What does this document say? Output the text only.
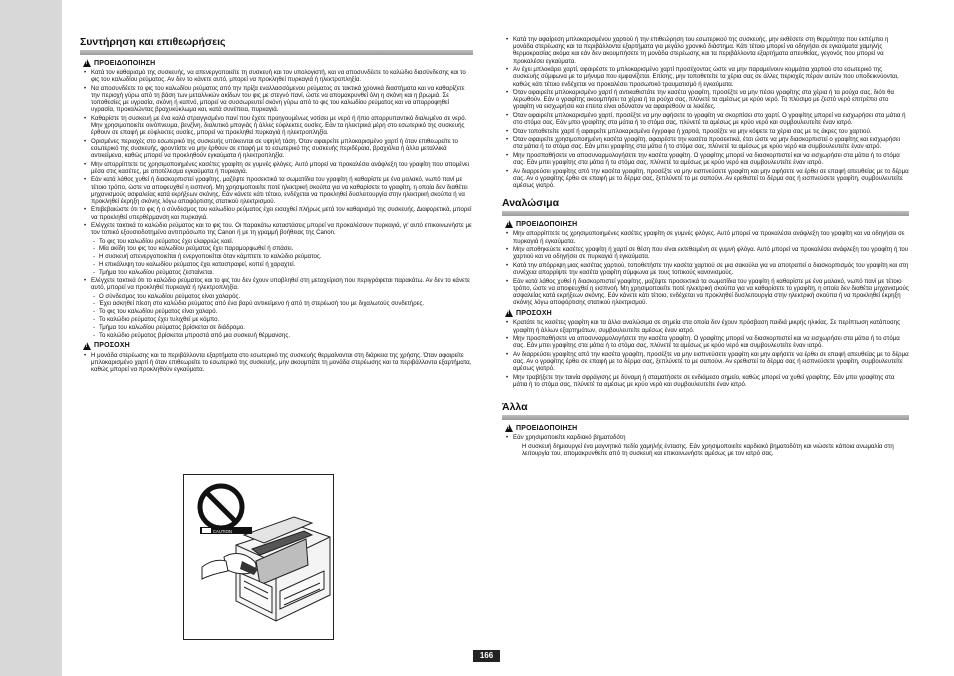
Συντήρηση και επιθεωρήσεις
!
ΠΡΟΕΙΔΟΠΟΙΗΣΗ
• Κατά τον καθαρισμό της συσκευής, να απενεργοποιείτε τη συσκευή και τον υπολογιστή, και να αποσυνδέετε το καλώδιο διασύνδεσης και το φις του καλωδίου ρεύματος. Αν δεν το κάνετε αυτό, μπορεί να προκληθεί πυρκαγιά ή ηλεκτροπληξία.
• Να αποσυνδέετε το φις του καλωδίου ρεύματος από την πρίζα εναλλασσόμενου ρεύματος σε τακτικά χρονικά διαστήματα και να καθαρίζετε την περιοχή γύρω από τη βάση των μεταλλικών ακίδων του φις με στεγνό πανί, ώστε να απομακρυνθεί όλη η σκόνη και η βρωμιά. Σε τοποθεσίες με υγρασία, σκόνη ή καπνό, μπορεί να συσσωρευτεί σκόνη γύρω από το φις του καλωδίου ρεύματος και να απορροφηθεί υγρασία, προκαλώντας βραχυκύκλωμα και, κατά συνέπεια, πυρκαγιά.
• Καθαρίστε τη συσκευή με ένα καλά στραγγισμένο πανί που έχετε προηγουμένως νοτίσει με νερό ή ήπιο απορρυπαντικό διαλυμένο σε νερό. Μην χρησιμοποιείτε οινόπνευμα, βενζίνη, διαλυτικό μπογιάς ή άλλες εύφλεκτες ουσίες. Εάν τα ηλεκτρικά μέρη στο εσωτερικό της συσκευής έρθουν σε επαφή με εύφλεκτες ουσίες, μπορεί να προκληθεί πυρκαγιά ή ηλεκτροπληξία.
• Ορισμένες περιοχές στο εσωτερικό της συσκευής υπόκεινται σε υψηλή τάση. Όταν αφαιρείτε μπλοκαρισμένο χαρτί ή όταν επιθεωρείτε το εσωτερικό της συσκευής, φροντίστε να μην έρθουν σε επαφή με το εσωτερικό της συσκευής περιδέραια, βραχιόλια ή άλλα μεταλλικά αντικείμενα, καθώς μπορεί να προκληθούν εγκαύματα ή ηλεκτροπληξία.
• Μην απορρίπτετε τις χρησιμοποιημένες κασέτες γραφίτη σε γυμνές φλόγες. Αυτό μπορεί να προκαλέσει ανάφλεξη του γραφίτη που απομένει μέσα στις κασέτες, με αποτέλεσμα εγκαύματα ή πυρκαγιά.
• Εάν κατά λάθος χυθεί ή διασκορπιστεί γραφίτης, μαζέψτε προσεκτικά τα σωματίδια του γραφίτη ή καθαρίστε με ένα μαλακό, νωπό πανί με τέτοιο τρόπο, ώστε να αποφευχθεί η εισπνοή. Μη χρησιμοποιείτε ποτέ ηλεκτρική σκούπα για να καθαρίσετε το γραφίτη, η οποία δεν διαθέτει μηχανισμούς ασφαλείας κατά εκρήξεων σκόνης. Εάν κάνετε κάτι τέτοιο, ενδέχεται να προκληθεί δυσλειτουργία στην ηλεκτρική σκούπα ή να προκληθεί έκρηξη σκόνης λόγω αποφόρτισης στατικού ηλεκτρισμού.
• Επιβεβαιώστε ότι το φις ή ο σύνδεσμος του καλωδίου ρεύματος έχει εισαχθεί πλήρως μετά τον καθαρισμό της συσκευής. Διαφορετικά, μπορεί να προκληθεί υπερθέρμανση και πυρκαγιά.
• Ελέγχετε τακτικά το καλώδιο ρεύματος και το φις του. Οι παρακάτω καταστάσεις μπορεί να προκαλέσουν πυρκαγιά, γι' αυτό επικοινωνήστε με τον τοπικό εξουσιοδοτημένο αντιπρόσωπο της Canon ή με τη γραμμή βοήθειας της Canon.
- Το φις του καλωδίου ρεύματος έχει ελαφριώς καεί.
- Μία ακίδη του φις του καλωδίου ρεύματος έχει παραμορφωθεί ή σπάσει.
- Η συσκευή απενεργοποιείται ή ενεργοποιείται όταν κάμπτετε το καλώδιο ρεύματος.
- Η επικάλυψη του καλωδίου ρεύματος έχει καταστραφεί, κοπεί ή χαραχτεί.
- Τμήμα του καλωδίου ρεύματος ζεσταίνεται.
• Ελέγχετε τακτικά ότι το καλώδιο ρεύματος και το φις του δεν έχουν υποβληθεί στη μεταχείριση που περιγράφεται παρακάτω. Αν δεν το κάνετε αυτό, μπορεί να προκληθεί πυρκαγιά ή ηλεκτροπληξία.
- Ο σύνδεσμος του καλωδίου ρεύματος είναι χαλαρός.
- Έχει ασκηθεί πίεση στο καλώδιο ρεύματος από ένα βαρύ αντικείμενο ή από τη στερέωσή του με διχαλωτούς συνδετήρες.
- Το φις του καλωδίου ρεύματος είναι χαλαρό.
- Το καλώδιο ρεύματος έχει τυλιχθεί με κόμπο.
- Τμήμα του καλωδίου ρεύματος βρίσκεται σε διάδρομο.
- Το καλώδιο ρεύματος βρίσκεται μπροστά από μια συσκευή θέρμανσης.
!
ΠΡΟΣΟΧΗ
• Η μονάδα στερέωσης και τα περιβάλλοντα εξαρτήματα στο εσωτερικό της συσκευής θερμαίνονται στη διάρκεια της χρήσης. Όταν αφαιρείτε μπλοκαρισμένο χαρτί ή όταν επιθεωρείτε το εσωτερικό της συσκευής, μην ακουμπάτε τη μονάδα στερέωσης και τα περιβάλλοντα εξαρτήματα, καθώς μπορεί να προκληθούν εγκαύματα.
CAUTION
• Κατά την αφαίρεση μπλοκαρισμένου χαρτιού ή την επιθεώρηση του εσωτερικού της συσκευής, μην εκθέσετε στη θερμότητα που εκπέμπει η μονάδα στερέωσης και τα περιβάλλοντα εξαρτήματα για μεγάλο χρονικό διάστημα. Κάτι τέτοιο μπορεί να οδηγήσει σε εγκαύματα χαμηλής θερμοκρασίας ακόμα και εάν δεν ακουμπήσετε τη μονάδα στερέωσης και τα περιβάλλοντα εξαρτήματα απευθείας, γεγονός που μπορεί να προκαλέσει εγκαύματα.
• Αν έχει μπλοκάρει χαρτί, αφαιρέστε το μπλοκαρισμένο χαρτί προσέχοντας ώστε να μην παραμείνουν κομμάτια χαρτιού στο εσωτερικό της συσκευής σύμφωνα με το μήνυμα που εμφανίζεται. Επίσης, μην τοποθετείτε τα χέρια σας σε άλλες περιοχές πέραν αυτών που υποδεικνύονται, καθώς κάτι τέτοιο ενδέχεται να προκαλέσει προσωπικό τραυματισμό ή εγκαύματα.
• Όταν αφαιρείτε μπλοκαρισμένο χαρτί ή αντικαθιστάτε την κασέτα γραφίτη, προσέξτε να μην πέσει γραφίτης στα χέρια ή τα ρούχα σας, διότι θα λερωθούν. Εάν ο γραφίτης ακουμπήσει τα χέρια ή τα ρούχα σας, πλύνετέ τα αμέσως με κρύο νερό. Το πλύσιμο με ζεστό νερό επιτρέπει στο γραφίτη να εισχωρήσει και επειτα είναι αδύνατον να αφαιρεθούν οι λεκέδες.
• Όταν αφαιρείτε μπλοκαρισμένο χαρτί, προσέξτε να μην αφήσετε το γραφίτη να σκορπίσει στο χαρτί. Ο γραφίτης μπορεί να εισχωρήσει στα μάτια ή στο στόμα σας. Εάν μπει γραφίτης στα μάτια ή το στόμα σας, πλύνετέ τα αμέσως με κρύο νερό και συμβουλευτείτε έναν ιατρό.
• Όταν τοποθετείτε χαρτί ή αφαιρείτε μπλοκαρισμένα έγγραφα ή χαρτιά, προσέξτε να μην κόψετε τα χέρια σας με τις άκρες του χαρτιού.
• Όταν αφαιρείτε χρησιμοποιημένη κασέτα γραφίτη, αφαιρέστε την κασέτα προσεκτικά, έτσι ώστε να μην διασκορπιστεί ο γραφίτης και εισχωρήσει στα μάτια ή το στόμα σας. Εάν μπει γραφίτης στα μάτια ή το στόμα σας, πλύνετέ τα αμέσως με κρύο νερό και συμβουλευτείτε έναν ιατρό.
• Μην προσπαθήσετε να αποσυναρμολογήσετε την κασέτα γραφίτη. Ο γραφίτης μπορεί να διασκορπιστεί και να εισχωρήσει στα μάτια ή το στόμα σας. Εάν μπει γραφίτης στα μάτια ή το στόμα σας, πλύνετέ τα αμέσως με κρύο νερό και συμβουλευτείτε έναν ιατρό.
• Αν διαρρεύσει γραφίτης από την κασέτα γραφίτη, προσέξτε να μην εισπνεύσετε γραφίτη και μην αφήσετε να έρθει σε επαφή απευθείας με το δέρμα σας. Αν ο γραφίτης έρθει σε επαφή με το δέρμα σας, ξεπλύνετέ το με σαπούνι. Αν ερεθιστεί το δέρμα σας ή εισπνεύσετε γραφίτη, συμβουλευτείτε αμέσως γιατρό.
Αναλώσιμα
!
ΠΡΟΕΙΔΟΠΟΙΗΣΗ
• Μην απορρίπτετε τις χρησιμοποιημένες κασέτες γραφίτη σε γυμνές φλόγες. Αυτό μπορεί να προκαλέσει ανάφλεξη του γραφίτη και να οδηγήσει σε πυρκαγιά ή εγκαύματα.
• Μην αποθηκεύετε κασέτες γραφίτη ή χαρτί σε θέση που είναι εκτεθειμένη σε γυμνή φλόγα. Αυτό μπορεί να προκαλέσει ανάφλεξη του γραφίτη ή του χαρτιού και να οδηγήσει σε πυρκαγιά ή εγκαύματα.
• Κατά την απόρριψη μιας κασέτας χαρτιού, τοποθετήστε την κασέτα χαρτιού σε μια σακούλα για να αποτραπεί ο διασκορπισμός του γραφίτη και στη συνέχεια απορρίψτε την κασέτα γραφίτη σύμφωνα με τους τοπικούς κανονισμούς.
• Εάν κατά λάθος χυθεί ή διασκορπιστεί γραφίτης, μαζέψτε προσεκτικά τα σωματίδια του γραφίτη ή καθαρίστε με ένα μαλακό, νωπό πανί με τέτοιο τρόπο, ώστε να αποφευχθεί η εισπνοή. Μη χρησιμοποιείτε ποτέ ηλεκτρική σκούπα για να καθαρίσετε το γραφίτη, η οποία δεν διαθέτει μηχανισμούς ασφαλείας κατά εκρήξεων σκόνης. Εάν κάνετε κάτι τέτοιο, ενδέχεται να προκληθεί δυσλειτουργία στην ηλεκτρική σκούπα ή να προκληθεί έκρηξη σκόνης λόγω αποφόρτισης στατικού ηλεκτρισμού.
!
ΠΡΟΣΟΧΗ
• Κρατάτε τις κασέτες γραφίτη και τα άλλα αναλώσιμα σε σημεία στα οποία δεν έχουν πρόσβαση παιδιά μικρής ηλικίας. Σε περίπτωση κατάποσης γραφίτη ή άλλων εξαρτημάτων, συμβουλευτείτε αμέσως έναν ιατρό.
• Μην προσπαθήσετε να αποσυναρμολογήσετε την κασέτα γραφίτη. Ο γραφίτης μπορεί να διασκορπιστεί και να εισχωρήσει στα μάτια ή το στόμα σας. Εάν μπει γραφίτης στα μάτια ή το στόμα σας, πλύνετέ τα αμέσως με κρύο νερό και συμβουλευτείτε έναν ιατρό.
• Αν διαρρεύσει γραφίτης από την κασέτα γραφίτη, προσέξτε να μην εισπνεύσετε γραφίτη και μην αφήσετε να έρθει σε επαφή απευθείας με το δέρμα σας. Αν ο γραφίτης έρθει σε επαφή με το δέρμα σας, ξεπλύνετέ το με σαπούνι. Αν ερεθιστεί το δέρμα σας ή εισπνεύσετε γραφίτη, συμβουλευτείτε αμέσως γιατρό.
• Μην τραβήξετε την ταινία σφράγισης με δύναμη ή σταματήσετε σε ενδιάμεσο σημείο, καθώς μπορεί να χυθεί γραφίτης. Εάν μπει γραφίτης στα μάτια ή το στόμα σας, πλύνετέ τα αμέσως με κρύο νερό και συμβουλευτείτε έναν ιατρό.
Άλλα
!
ΠΡΟΕΙΔΟΠΟΙΗΣΗ
• Εάν χρησιμοποιείτε καρδιακό βηματοδότη
Η συσκευή δημιουργεί ένα μαγνητικό πεδίο χαμηλής έντασης. Εάν χρησιμοποιείτε καρδιακό βηματοδότη και νιώσετε κάποια ανωμαλία στη λειτουργία του, απομακρυνθείτε από τη συσκευή και επικοινωνήστε αμέσως με τον ιατρό σας.
166
